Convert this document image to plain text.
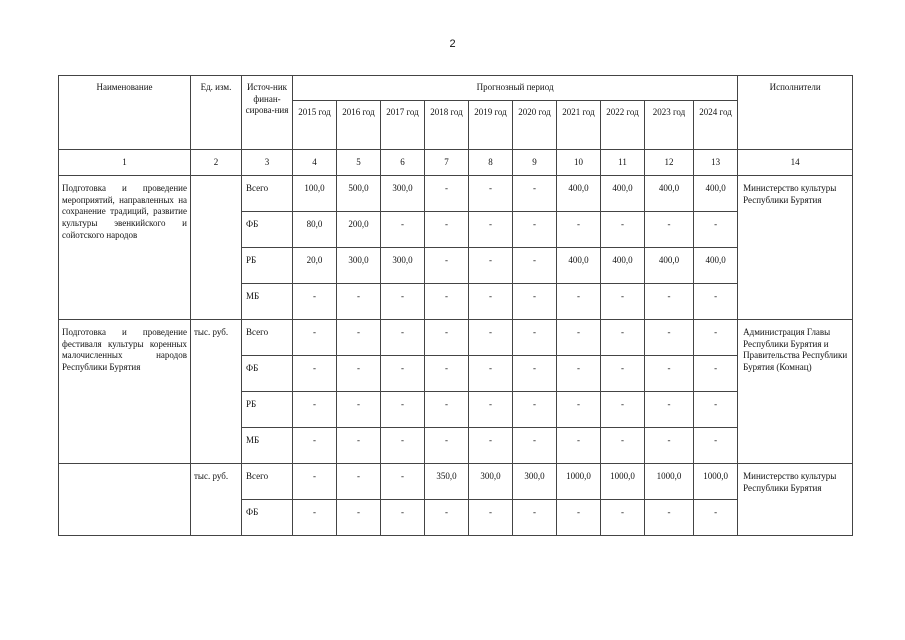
2
Наименование	Ед. изм.	Источ-ник финан-сирова-ния	Прогнозный период										Исполнители
			2015 год	2016 год	2017 год	2018 год	2019 год	2020 год	2021 год	2022 год	2023 год	2024 год	
1	2	3	4	5	6	7	8	9	10	11	12	13	14
Подготовка и проведение мероприятий, направленных на сохранение традиций, развитие культуры эвенкийского и сойотского народов		Всего	100,0	500,0	300,0	-	-	-	400,0	400,0	400,0	400,0	Министерство культуры Республики Бурятия
		ФБ	80,0	200,0	-	-	-	-	-	-	-	-	
		РБ	20,0	300,0	300,0	-	-	-	400,0	400,0	400,0	400,0	
		МБ	-	-	-	-	-	-	-	-	-	-	
Подготовка и проведение фестиваля культуры коренных малочисленных народов Республики Бурятия	тыс. руб.	Всего	-	-	-	-	-	-	-	-	-	-	Администрация Главы Республики Бурятия и Правительства Республики Бурятия (Комнац)
		ФБ	-	-	-	-	-	-	-	-	-	-	
		РБ	-	-	-	-	-	-	-	-	-	-	
		МБ	-	-	-	-	-	-	-	-	-	-	
	тыс. руб.	Всего	-	-	-	350,0	300,0	300,0	1000,0	1000,0	1000,0	1000,0	Министерство культуры Республики Бурятия
		ФБ	-	-	-	-	-	-	-	-	-	-	
